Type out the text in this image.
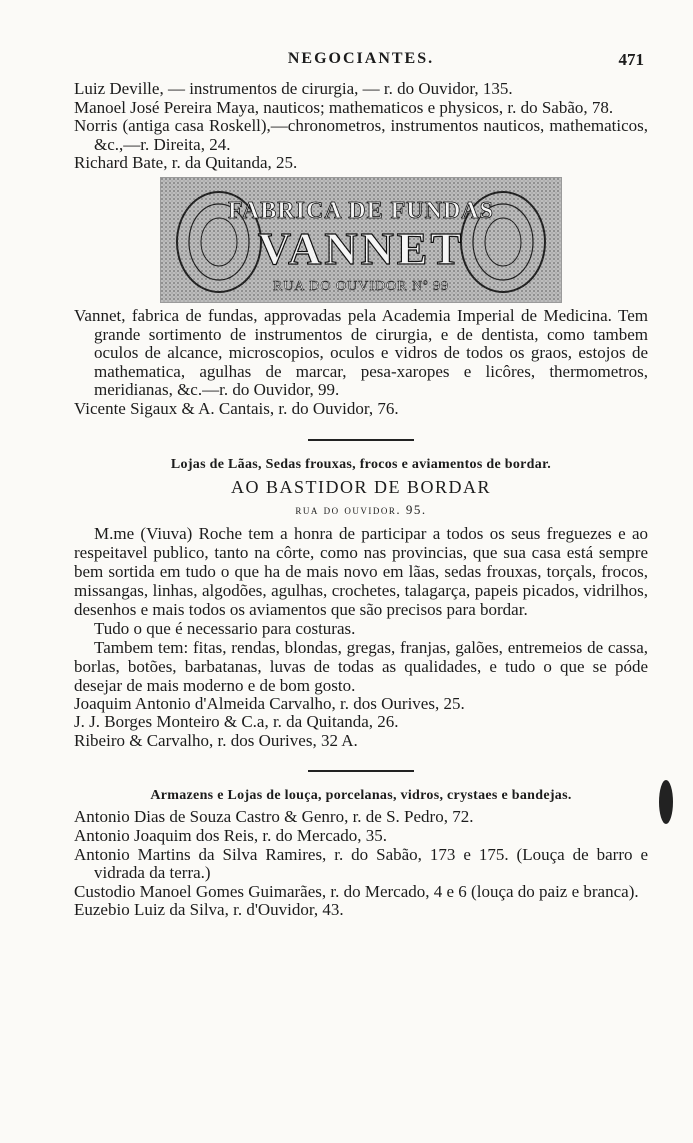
NEGOCIANTES.	471
Luiz Deville, — instrumentos de cirurgia, — r. do Ouvidor, 135.
Manoel José Pereira Maya, nauticos; mathematicos e physicos, r. do Sabão, 78.
Norris (antiga casa Roskell),—chronometros, instrumentos nauticos, mathematicos, &c.,—r. Direita, 24.
Richard Bate, r. da Quitanda, 25.
FABRICA DE FUNDAS
VANNET
RUA DO OUVIDOR Nº 99
Vannet, fabrica de fundas, approvadas pela Academia Imperial de Medicina. Tem grande sortimento de instrumentos de cirurgia, e de dentista, como tambem oculos de alcance, microscopios, oculos e vidros de todos os graos, estojos de mathematica, agulhas de marcar, pesa-xaropes e licôres, thermometros, meridianas, &c.—r. do Ouvidor, 99.
Vicente Sigaux & A. Cantais, r. do Ouvidor, 76.
Lojas de Lãas, Sedas frouxas, frocos e aviamentos de bordar.
AO BASTIDOR DE BORDAR
rua do ouvidor. 95.

M.me (Viuva) Roche tem a honra de participar a todos os seus freguezes e ao respeitavel publico, tanto na côrte, como nas provincias, que sua casa está sempre bem sortida em tudo o que ha de mais novo em lãas, sedas frouxas, torçals, frocos, missangas, linhas, algodões, agulhas, crochetes, talagarça, papeis picados, vidrilhos, desenhos e mais todos os aviamentos que são precisos para bordar.

Tudo o que é necessario para costuras.

Tambem tem: fitas, rendas, blondas, gregas, franjas, galões, entremeios de cassa, borlas, botões, barbatanas, luvas de todas as qualidades, e tudo o que se póde desejar de mais moderno e de bom gosto.

Joaquim Antonio d'Almeida Carvalho, r. dos Ourives, 25.
J. J. Borges Monteiro & C.a, r. da Quitanda, 26.
Ribeiro & Carvalho, r. dos Ourives, 32 A.
Armazens e Lojas de louça, porcelanas, vidros, crystaes e bandejas.
Antonio Dias de Souza Castro & Genro, r. de S. Pedro, 72.
Antonio Joaquim dos Reis, r. do Mercado, 35.
Antonio Martins da Silva Ramires, r. do Sabão, 173 e 175. (Louça de barro e vidrada da terra.)
Custodio Manoel Gomes Guimarães, r. do Mercado, 4 e 6 (louça do paiz e branca).
Euzebio Luiz da Silva, r. d'Ouvidor, 43.
